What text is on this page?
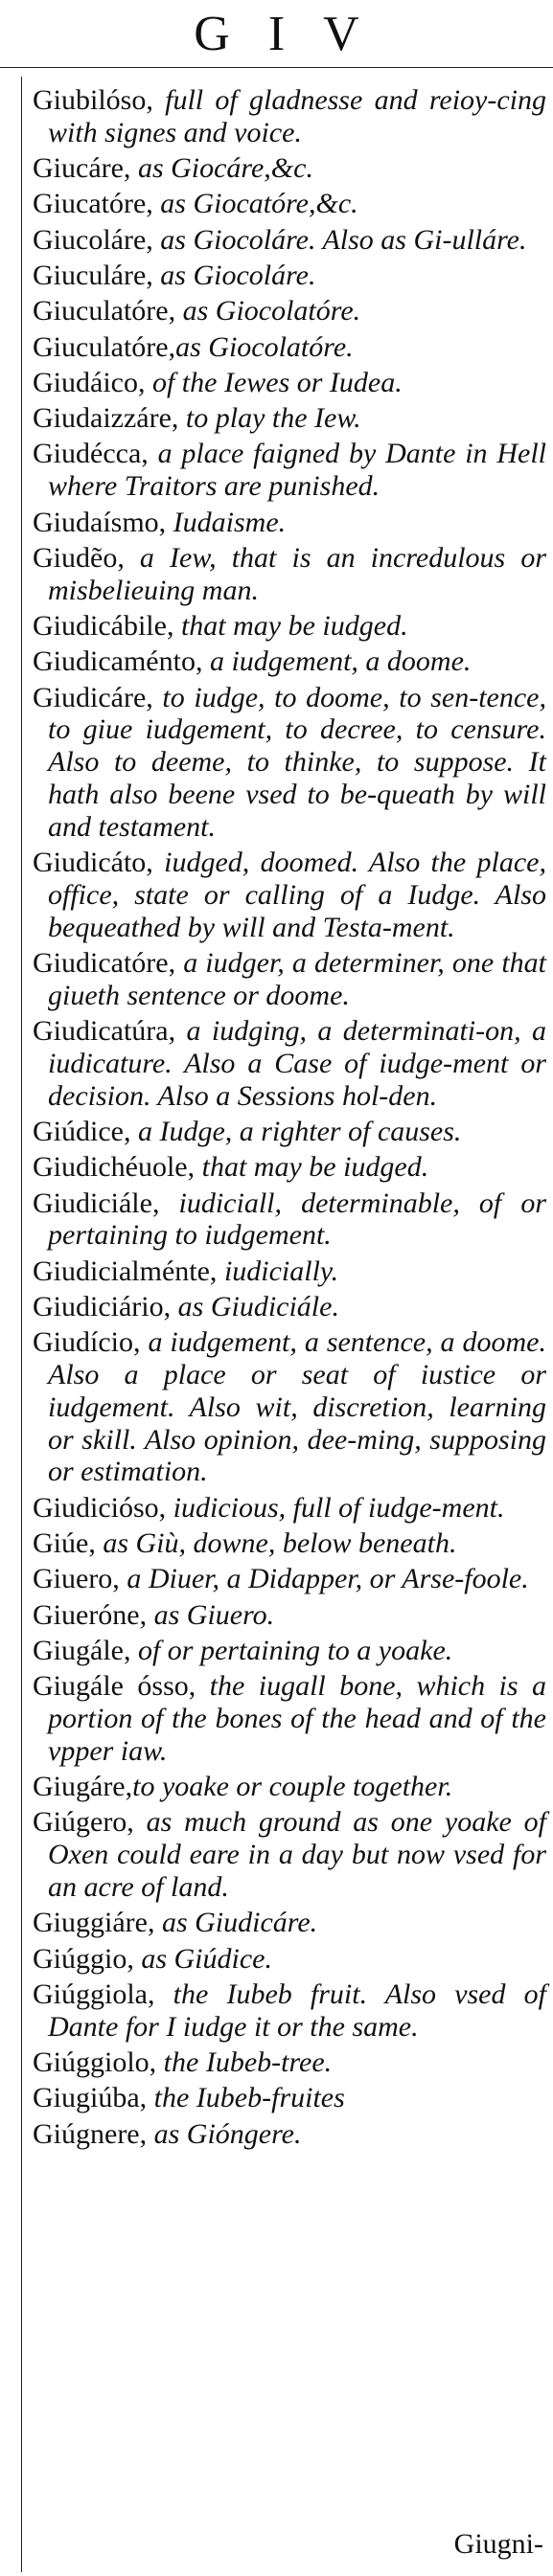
GIV
Giubilóso, full of gladnesse and reioy-cing with signes and voice.
Giucáre, as Giocáre,&c.
Giucatóre, as Giocatóre,&c.
Giucoláre, as Giocoláre. Also as Gi-ulláre.
Giuculáre, as Giocoláre.
Giuculatóre, as Giocolatóre.
Giuculatóre,as Giocolatóre.
Giudáico, of the Iewes or Iudea.
Giudaizzáre, to play the Iew.
Giudécca, a place faigned by Dante in Hell where Traitors are punished.
Giudaísmo, Iudaisme.
Giudẽo, a Iew, that is an incredulous or misbelieuing man.
Giudicábile, that may be iudged.
Giudicaménto, a iudgement, a doome.
Giudicáre, to iudge, to doome, to sen-tence, to giue iudgement, to decree, to censure. Also to deeme, to thinke, to suppose. It hath also beene vsed to be-queath by will and testament.
Giudicáto, iudged, doomed. Also the place, office, state or calling of a Iudge. Also bequeathed by will and Testa-ment.
Giudicatóre, a iudger, a determiner, one that giueth sentence or doome.
Giudicatúra, a iudging, a determinati-on, a iudicature. Also a Case of iudge-ment or decision. Also a Sessions hol-den.
Giúdice, a Iudge, a righter of causes.
Giudichéuole, that may be iudged.
Giudiciále, iudiciall, determinable, of or pertaining to iudgement.
Giudicialménte, iudicially.
Giudiciário, as Giudiciále.
Giudício, a iudgement, a sentence, a doome. Also a place or seat of iustice or iudgement. Also wit, discretion, learning or skill. Also opinion, dee-ming, supposing or estimation.
Giudicióso, iudicious, full of iudge-ment.
Giúe, as Giù, downe, below beneath.
Giuero, a Diuer, a Didapper, or Arse-foole.
Giueróne, as Giuero.
Giugále, of or pertaining to a yoake.
Giugále ósso, the iugall bone, which is a portion of the bones of the head and of the vpper iaw.
Giugáre,to yoake or couple together.
Giúgero, as much ground as one yoake of Oxen could eare in a day but now vsed for an acre of land.
Giuggiáre, as Giudicáre.
Giúggio, as Giúdice.
Giúggiola, the Iubeb fruit. Also vsed of Dante for I iudge it or the same.
Giúggiolo, the Iubeb-tree.
Giugiúba, the Iubeb-fruites
Giúgnere, as Gióngere.
Giugni-
